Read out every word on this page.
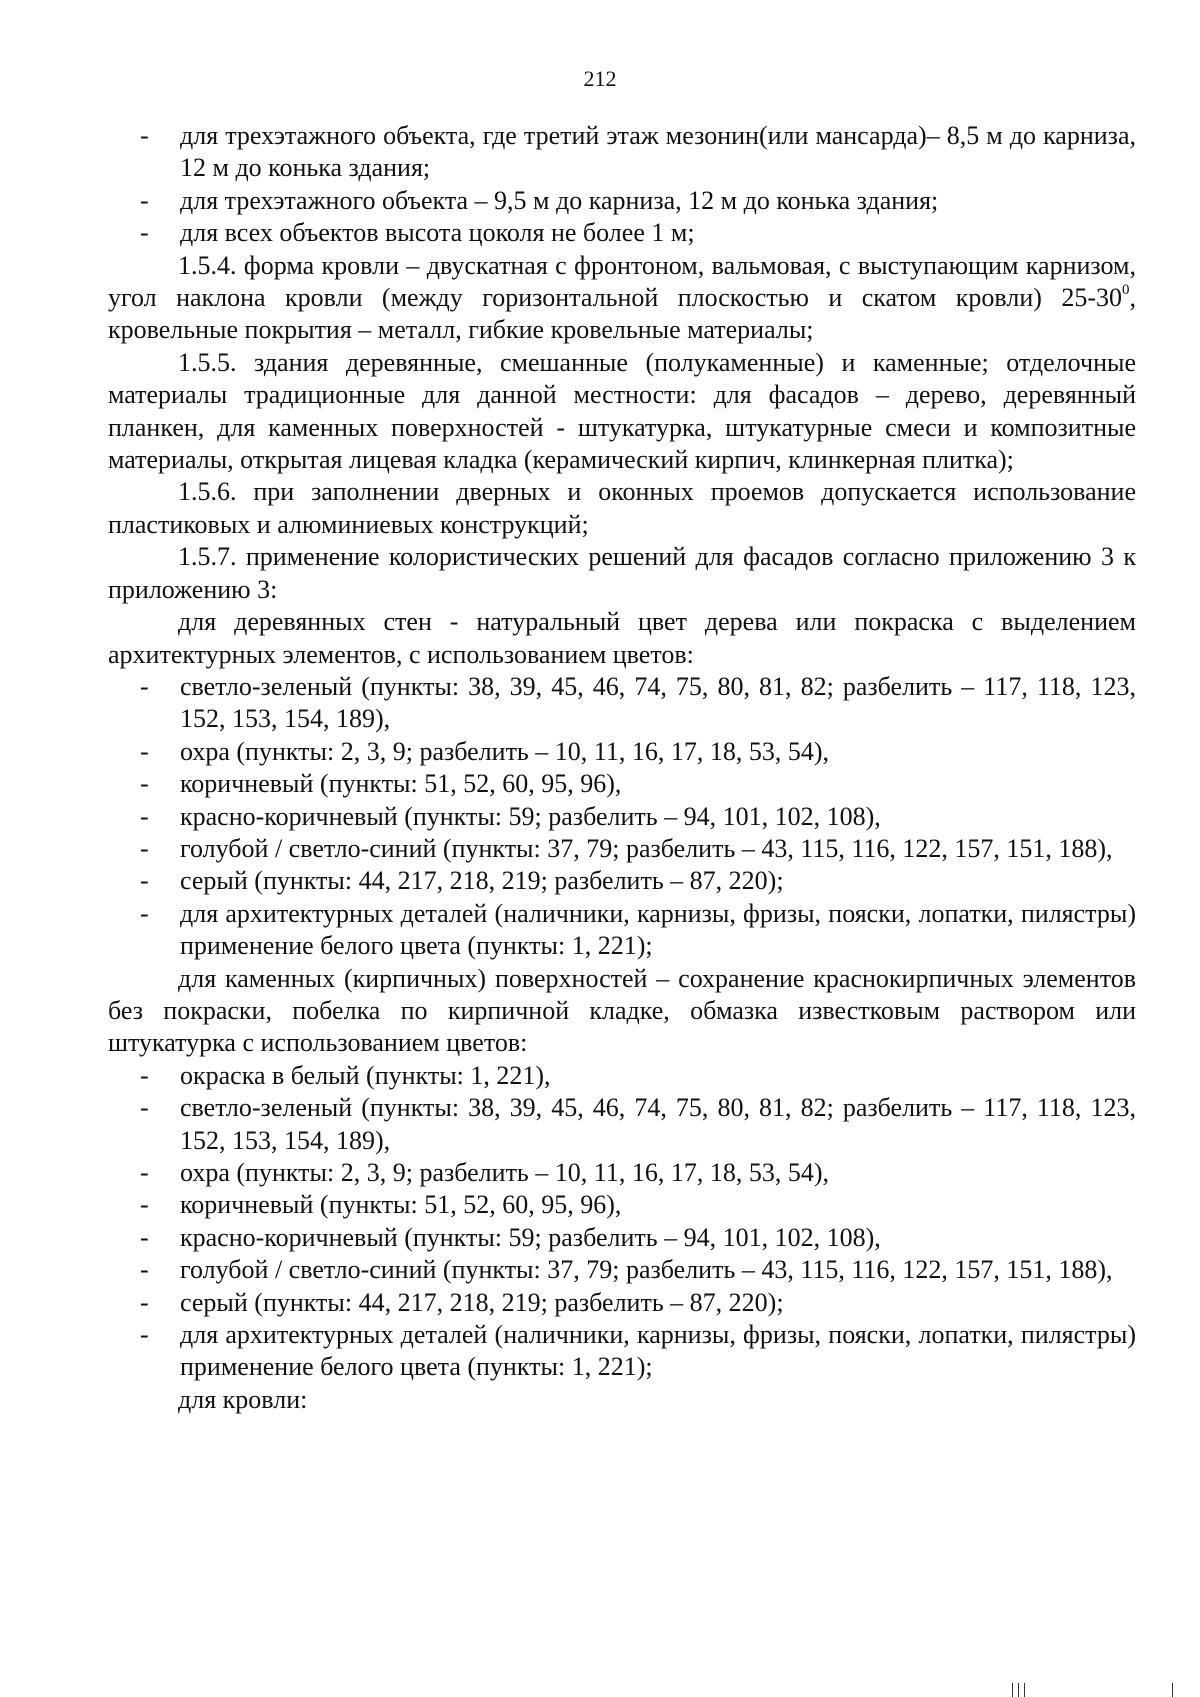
212
- для трехэтажного объекта, где третий этаж мезонин(или мансарда)– 8,5 м до карниза, 12 м до конька здания;
- для трехэтажного объекта – 9,5 м до карниза, 12 м до конька здания;
- для всех объектов высота цоколя не более 1 м;

1.5.4. форма кровли – двускатная с фронтоном, вальмовая, с выступающим карнизом, угол наклона кровли (между горизонтальной плоскостью и скатом кровли) $25-30^0$, кровельные покрытия – металл, гибкие кровельные материалы;

1.5.5. здания деревянные, смешанные (полукаменные) и каменные; отделочные материалы традиционные для данной местности: для фасадов – дерево, деревянный планкен, для каменных поверхностей - штукатурка, штукатурные смеси и композитные материалы, открытая лицевая кладка (керамический кирпич, клинкерная плитка);

1.5.6. при заполнении дверных и оконных проемов допускается использование пластиковых и алюминиевых конструкций;

1.5.7. применение колористических решений для фасадов согласно приложению 3 к приложению 3:

для деревянных стен - натуральный цвет дерева или покраска с выделением архитектурных элементов, с использованием цветов:

- светло-зеленый (пункты: 38, 39, 45, 46, 74, 75, 80, 81, 82; разбелить – 117, 118, 123, 152, 153, 154, 189),
- охра (пункты: 2, 3, 9; разбелить – 10, 11, 16, 17, 18, 53, 54),
- коричневый (пункты: 51, 52, 60, 95, 96),
- красно-коричневый (пункты: 59; разбелить – 94, 101, 102, 108),
- голубой / светло-синий (пункты: 37, 79; разбелить – 43, 115, 116, 122, 157, 151, 188),
- серый (пункты: 44, 217, 218, 219; разбелить – 87, 220);
- для архитектурных деталей (наличники, карнизы, фризы, пояски, лопатки, пилястры) применение белого цвета (пункты: 1, 221);

для каменных (кирпичных) поверхностей – сохранение краснокирпичных элементов без покраски, побелка по кирпичной кладке, обмазка известковым раствором или штукатурка с использованием цветов:

- окраска в белый (пункты: 1, 221),
- светло-зеленый (пункты: 38, 39, 45, 46, 74, 75, 80, 81, 82; разбелить – 117, 118, 123, 152, 153, 154, 189),
- охра (пункты: 2, 3, 9; разбелить – 10, 11, 16, 17, 18, 53, 54),
- коричневый (пункты: 51, 52, 60, 95, 96),
- красно-коричневый (пункты: 59; разбелить – 94, 101, 102, 108),
- голубой / светло-синий (пункты: 37, 79; разбелить – 43, 115, 116, 122, 157, 151, 188),
- серый (пункты: 44, 217, 218, 219; разбелить – 87, 220);
- для архитектурных деталей (наличники, карнизы, фризы, пояски, лопатки, пилястры) применение белого цвета (пункты: 1, 221);

для кровли:
